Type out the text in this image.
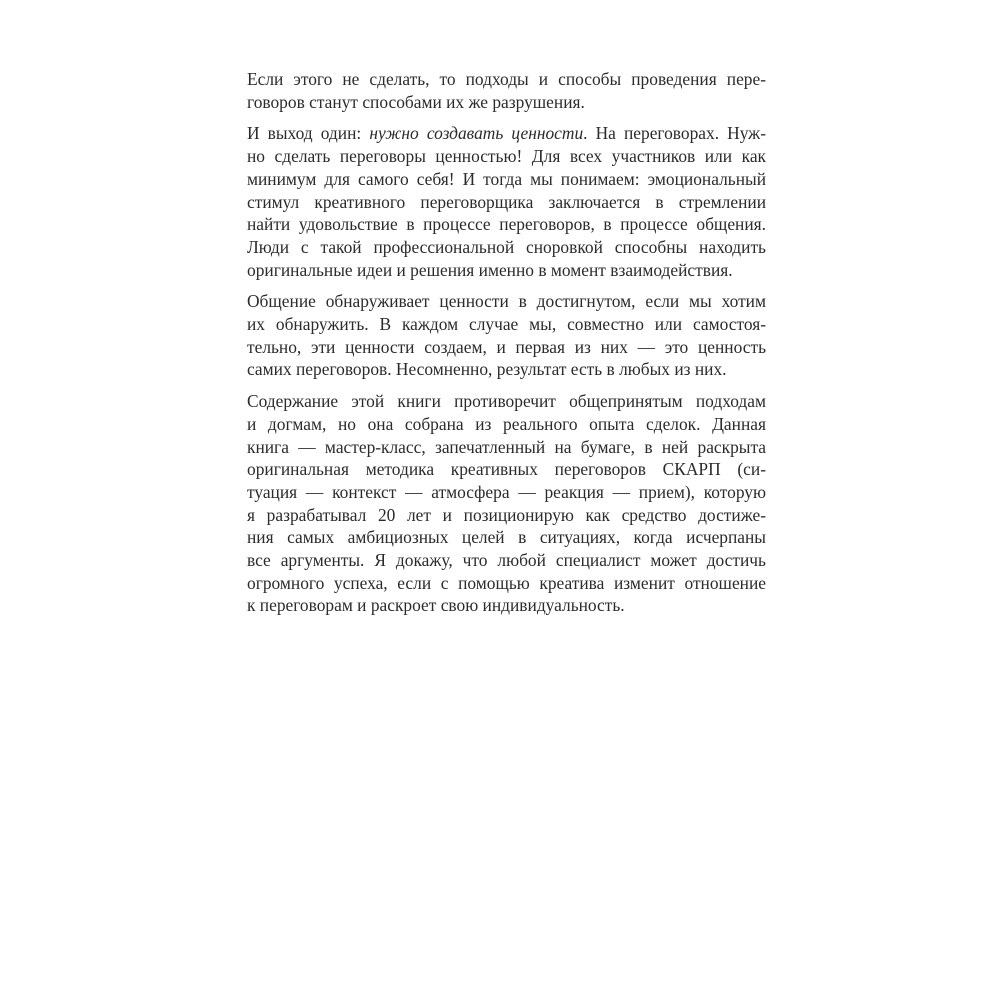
Если этого не сделать, то подходы и способы проведения пере-
говоров станут способами их же разрушения.
И выход один: нужно создавать ценности. На переговорах. Нуж-
но сделать переговоры ценностью! Для всех участников или как
минимум для самого себя! И тогда мы понимаем: эмоциональный
стимул креативного переговорщика заключается в стремлении
найти удовольствие в процессе переговоров, в процессе общения.
Люди с такой профессиональной сноровкой способны находить
оригинальные идеи и решения именно в момент взаимодействия.
Общение обнаруживает ценности в достигнутом, если мы хотим
их обнаружить. В каждом случае мы, совместно или самостоя-
тельно, эти ценности создаем, и первая из них — это ценность
самих переговоров. Несомненно, результат есть в любых из них.
Содержание этой книги противоречит общепринятым подходам
и догмам, но она собрана из реального опыта сделок. Данная
книга — мастер-класс, запечатленный на бумаге, в ней раскрыта
оригинальная методика креативных переговоров СКАРП (си-
туация — контекст — атмосфера — реакция — прием), которую
я разрабатывал 20 лет и позиционирую как средство достиже-
ния самых амбициозных целей в ситуациях, когда исчерпаны
все аргументы. Я докажу, что любой специалист может достичь
огромного успеха, если с помощью креатива изменит отношение
к переговорам и раскроет свою индивидуальность.
